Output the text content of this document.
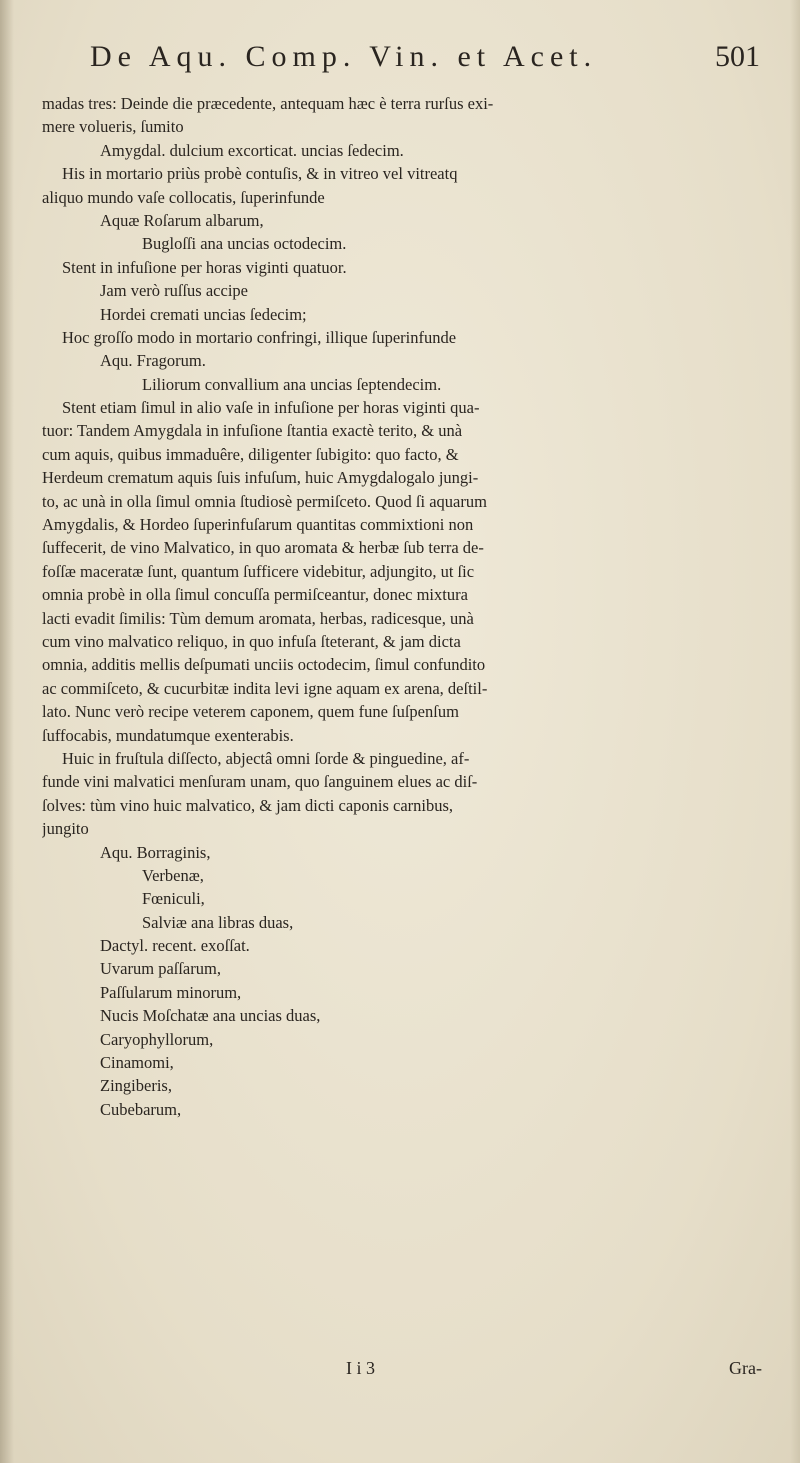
De Aqu. Comp. Vin. et Acet.	501
madas tres: Deinde die præcedente, antequam hæc è terra rurſus exi-
mere volueris, ſumito
Amygdal. dulcium excorticat. uncias ſedecim.
His in mortario priùs probè contuſis, & in vitreo vel vitreatq
aliquo mundo vaſe collocatis, ſuperinfunde
Aquæ Roſarum albarum,
Bugloſſi ana uncias octodecim.
Stent in infuſione per horas viginti quatuor.
Jam verò ruſſus accipe
Hordei cremati uncias ſedecim;
Hoc groſſo modo in mortario confringi, illique ſuperinfunde
Aqu. Fragorum.
Liliorum convallium ana uncias ſeptendecim.
Stent etiam ſimul in alio vaſe in infuſione per horas viginti qua-
tuor: Tandem Amygdala in infuſione ſtantia exactè terito, & unà
cum aquis, quibus immaduêre, diligenter ſubigito: quo facto, &
Herdeum crematum aquis ſuis infuſum, huic Amygdalogalo jungi-
to, ac unà in olla ſimul omnia ſtudiosè permiſceto. Quod ſi aquarum
Amygdalis, & Hordeo ſuperinfuſarum quantitas commixtioni non
ſuffecerit, de vino Malvatico, in quo aromata & herbæ ſub terra de-
foſſæ maceratæ ſunt, quantum ſufficere videbitur, adjungito, ut ſic
omnia probè in olla ſimul concuſſa permiſceantur, donec mixtura
lacti evadit ſimilis: Tùm demum aromata, herbas, radicesque, unà
cum vino malvatico reliquo, in quo infuſa ſteterant, & jam dicta
omnia, additis mellis deſpumati unciis octodecim, ſimul confundito
ac commiſceto, & cucurbitæ indita levi igne aquam ex arena, deſtil-
lato. Nunc verò recipe veterem caponem, quem fune ſuſpenſum
ſuffocabis, mundatumque exenterabis.
Huic in fruſtula diſſecto, abjectâ omni ſorde & pinguedine, af-
funde vini malvatici menſuram unam, quo ſanguinem elues ac diſ-
ſolves: tùm vino huic malvatico, & jam dicti caponis carnibus,
jungito
Aqu. Borraginis,
Verbenæ,
Fœniculi,
Salviæ ana libras duas,
Dactyl. recent. exoſſat.
Uvarum paſſarum,
Paſſularum minorum,
Nucis Moſchatæ ana uncias duas,
Caryophyllorum,
Cinamomi,
Zingiberis,
Cubebarum,
I i 3	Gra-
